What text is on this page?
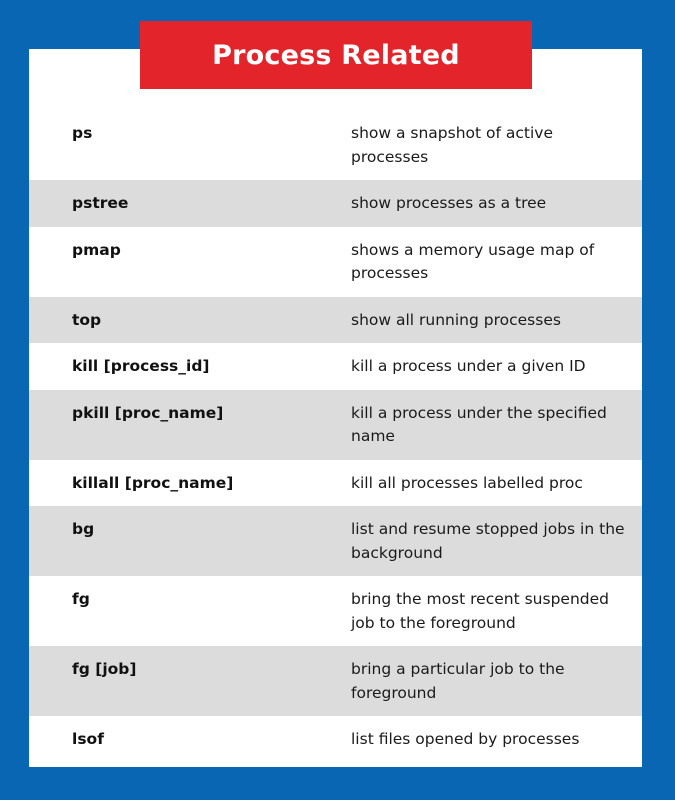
Process Related
ps	show a snapshot of active processes
pstree	show processes as a tree
pmap	shows a memory usage map of processes
top	show all running processes
kill [process_id]	kill a process under a given ID
pkill [proc_name]	kill a process under the specified name
killall [proc_name]	kill all processes labelled proc
bg	list and resume stopped jobs in the background
fg	bring the most recent suspended job to the foreground
fg [job]	bring a particular job to the foreground
lsof	list files opened by processes
